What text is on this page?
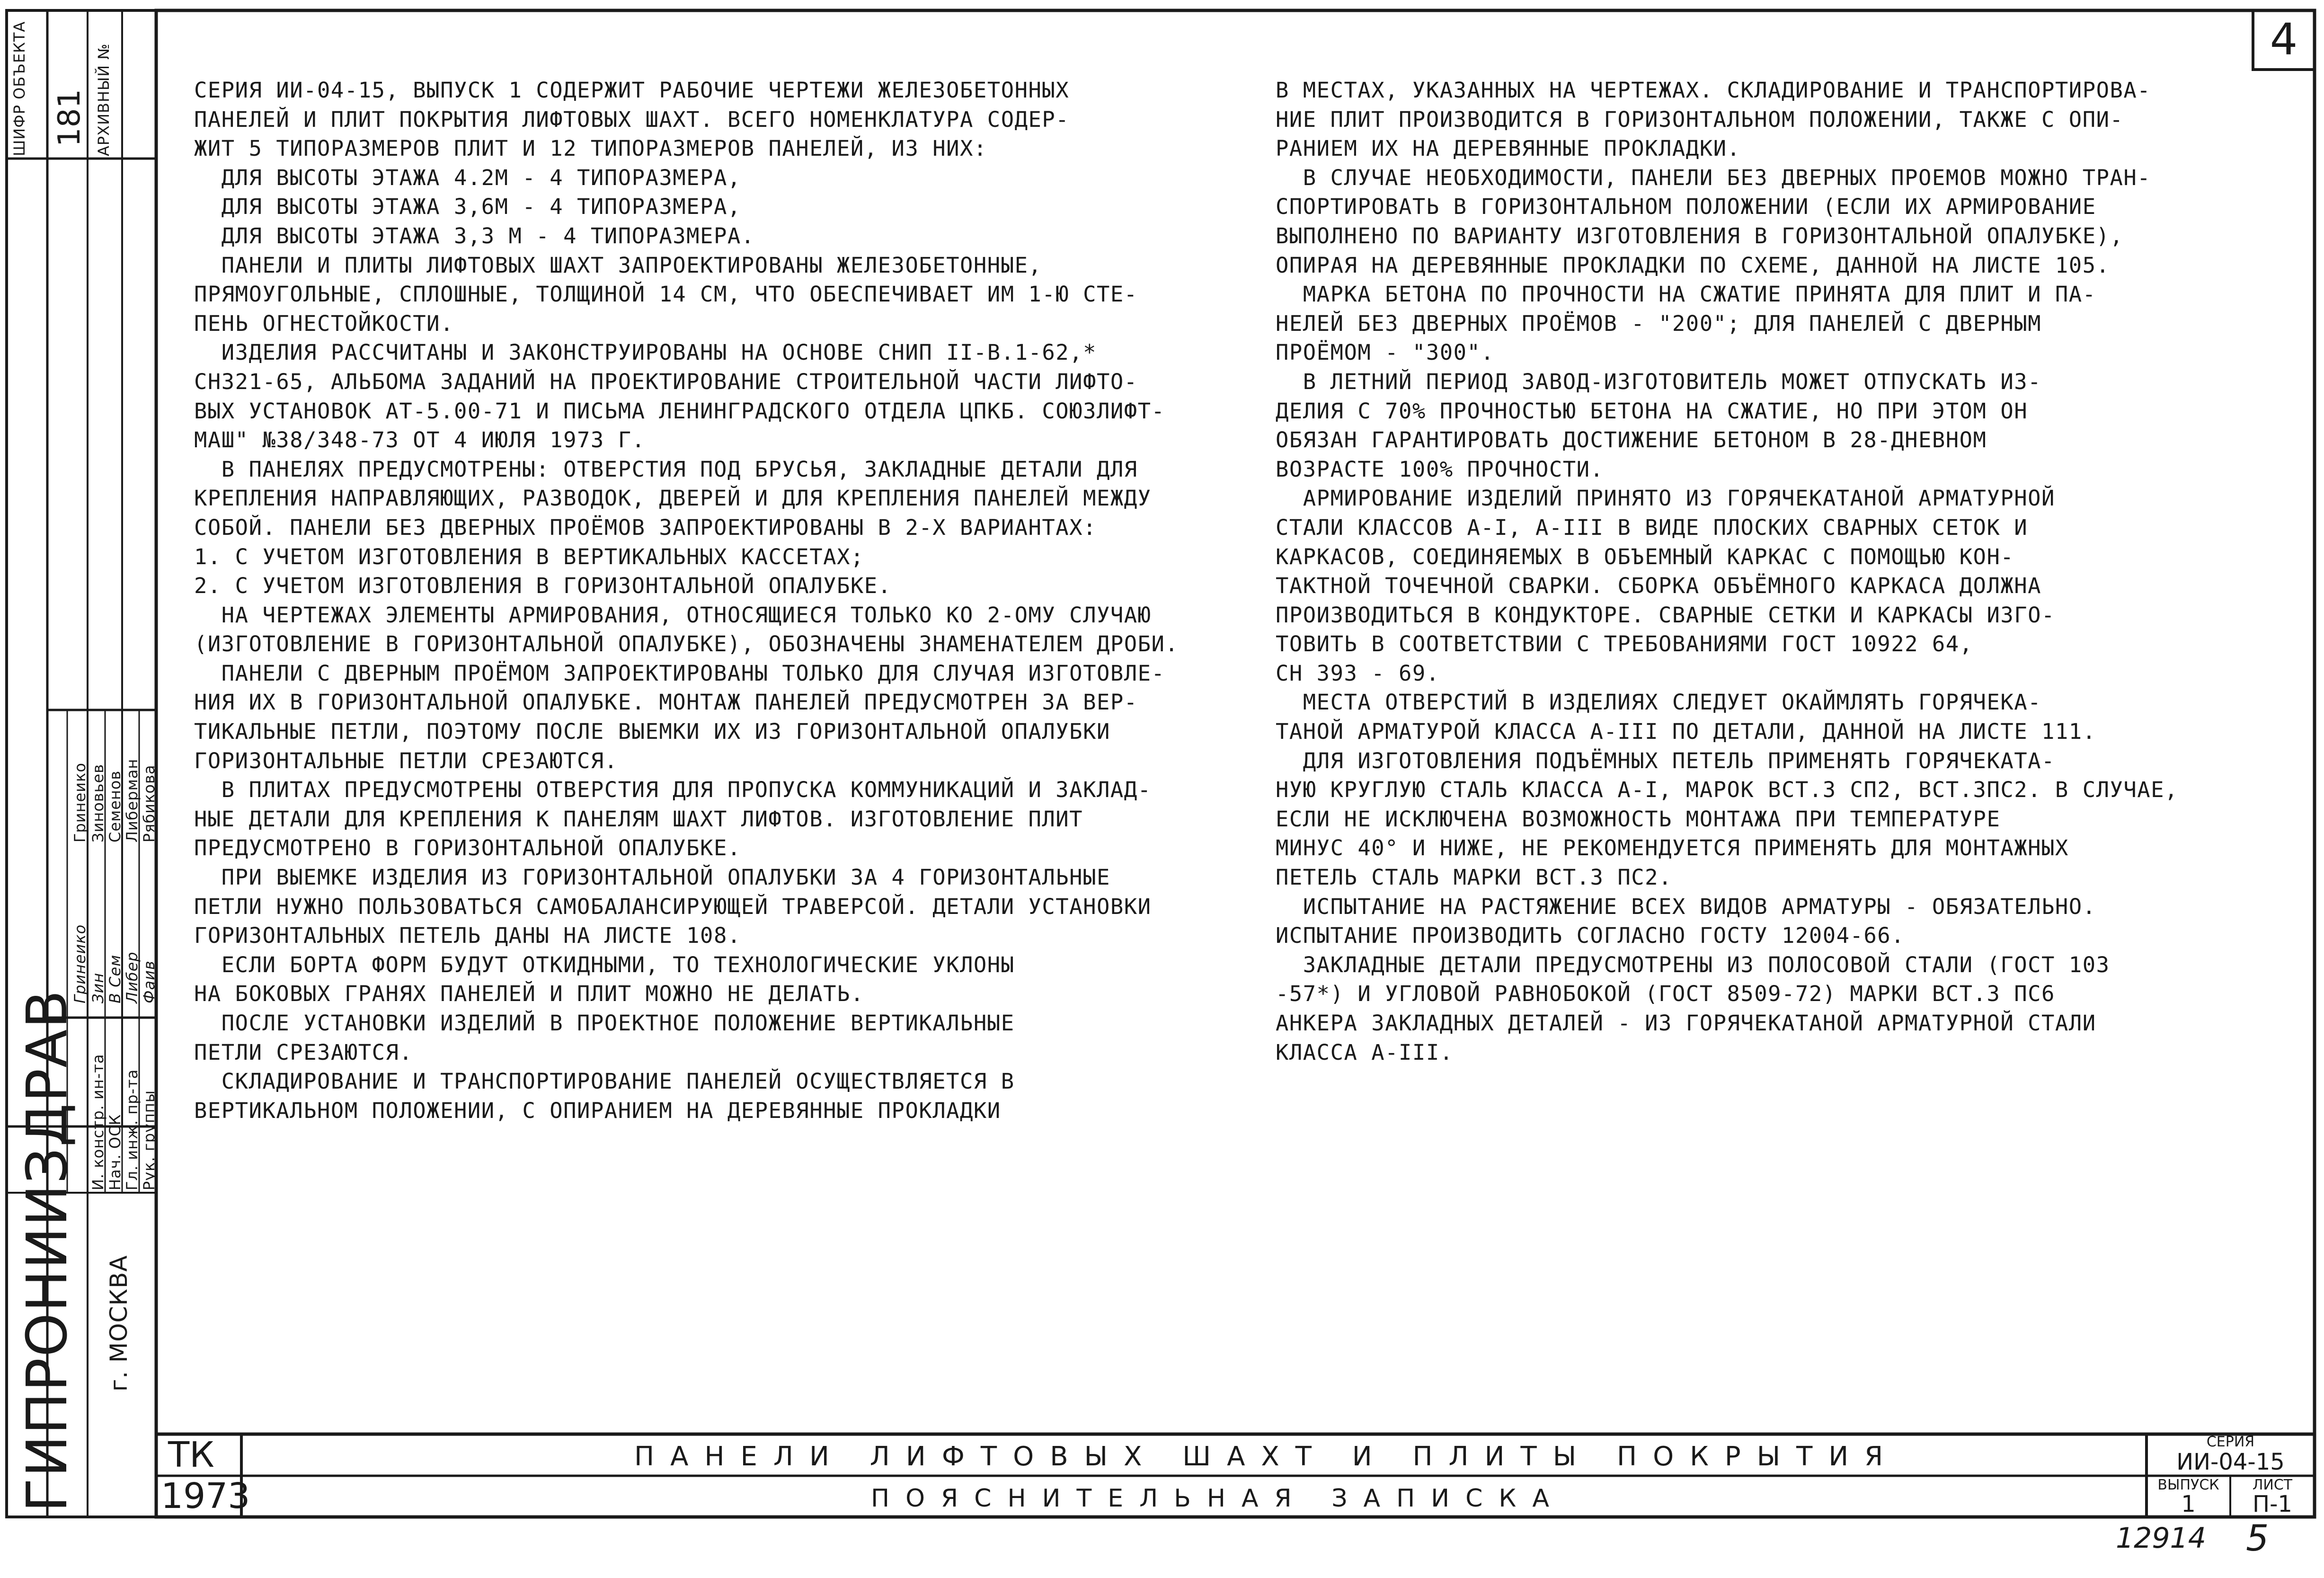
4
ШИФР ОБЪЕКТА 181 АРХИВНЫЙ №
Рук. группы
Гл. инж. пр-та
Нач. ОСК
И. констр. ин-та
Рябикова
Либерман
Семенов
Зиновьев
Гринеико
Фаив
Либер
В Сем
Зин
Гринеико
ГИПРОНИИЗДРАВ г. МОСКВА
СЕРИЯ ИИ-04-15, ВЫПУСК 1 СОДЕРЖИТ РАБОЧИЕ ЧЕРТЕЖИ ЖЕЛЕЗОБЕТОННЫХ
ПАНЕЛЕЙ И ПЛИТ ПОКРЫТИЯ ЛИФТОВЫХ ШАХТ. ВСЕГО НОМЕНКЛАТУРА СОДЕР-
ЖИТ 5 ТИПОРАЗМЕРОВ ПЛИТ И 12 ТИПОРАЗМЕРОВ ПАНЕЛЕЙ, ИЗ НИХ:
ДЛЯ ВЫСОТЫ ЭТАЖА 4.2М - 4 ТИПОРАЗМЕРА,
ДЛЯ ВЫСОТЫ ЭТАЖА 3,6М - 4 ТИПОРАЗМЕРА,
ДЛЯ ВЫСОТЫ ЭТАЖА 3,3 М - 4 ТИПОРАЗМЕРА.
ПАНЕЛИ И ПЛИТЫ ЛИФТОВЫХ ШАХТ ЗАПРОЕКТИРОВАНЫ ЖЕЛЕЗОБЕТОННЫЕ,
ПРЯМОУГОЛЬНЫЕ, СПЛОШНЫЕ, ТОЛЩИНОЙ 14 СМ, ЧТО ОБЕСПЕЧИВАЕТ ИМ 1-Ю СТЕ-
ПЕНЬ ОГНЕСТОЙКОСТИ.
ИЗДЕЛИЯ РАССЧИТАНЫ И ЗАКОНСТРУИРОВАНЫ НА ОСНОВЕ СНИП II-В.1-62,*
СН321-65, АЛЬБОМА ЗАДАНИЙ НА ПРОЕКТИРОВАНИЕ СТРОИТЕЛЬНОЙ ЧАСТИ ЛИФТО-
ВЫХ УСТАНОВОК АТ-5.00-71 И ПИСЬМА ЛЕНИНГРАДСКОГО ОТДЕЛА ЦПКБ. СОЮЗЛИФТ-
МАШ" №38/348-73 ОТ 4 ИЮЛЯ 1973 Г.
В ПАНЕЛЯХ ПРЕДУСМОТРЕНЫ: ОТВЕРСТИЯ ПОД БРУСЬЯ, ЗАКЛАДНЫЕ ДЕТАЛИ ДЛЯ
КРЕПЛЕНИЯ НАПРАВЛЯЮЩИХ, РАЗВОДОК, ДВЕРЕЙ И ДЛЯ КРЕПЛЕНИЯ ПАНЕЛЕЙ МЕЖДУ
СОБОЙ. ПАНЕЛИ БЕЗ ДВЕРНЫХ ПРОЁМОВ ЗАПРОЕКТИРОВАНЫ В 2-Х ВАРИАНТАХ:
1. С УЧЕТОМ ИЗГОТОВЛЕНИЯ В ВЕРТИКАЛЬНЫХ КАССЕТАХ;
2. С УЧЕТОМ ИЗГОТОВЛЕНИЯ В ГОРИЗОНТАЛЬНОЙ ОПАЛУБКЕ.
НА ЧЕРТЕЖАХ ЭЛЕМЕНТЫ АРМИРОВАНИЯ, ОТНОСЯЩИЕСЯ ТОЛЬКО КО 2-ОМУ СЛУЧАЮ
(ИЗГОТОВЛЕНИЕ В ГОРИЗОНТАЛЬНОЙ ОПАЛУБКЕ), ОБОЗНАЧЕНЫ ЗНАМЕНАТЕЛЕМ ДРОБИ.
ПАНЕЛИ С ДВЕРНЫМ ПРОЁМОМ ЗАПРОЕКТИРОВАНЫ ТОЛЬКО ДЛЯ СЛУЧАЯ ИЗГОТОВЛЕ-
НИЯ ИХ В ГОРИЗОНТАЛЬНОЙ ОПАЛУБКЕ. МОНТАЖ ПАНЕЛЕЙ ПРЕДУСМОТРЕН ЗА ВЕР-
ТИКАЛЬНЫЕ ПЕТЛИ, ПОЭТОМУ ПОСЛЕ ВЫЕМКИ ИХ ИЗ ГОРИЗОНТАЛЬНОЙ ОПАЛУБКИ
ГОРИЗОНТАЛЬНЫЕ ПЕТЛИ СРЕЗАЮТСЯ.
В ПЛИТАХ ПРЕДУСМОТРЕНЫ ОТВЕРСТИЯ ДЛЯ ПРОПУСКА КОММУНИКАЦИЙ И ЗАКЛАД-
НЫЕ ДЕТАЛИ ДЛЯ КРЕПЛЕНИЯ К ПАНЕЛЯМ ШАХТ ЛИФТОВ. ИЗГОТОВЛЕНИЕ ПЛИТ
ПРЕДУСМОТРЕНО В ГОРИЗОНТАЛЬНОЙ ОПАЛУБКЕ.
ПРИ ВЫЕМКЕ ИЗДЕЛИЯ ИЗ ГОРИЗОНТАЛЬНОЙ ОПАЛУБКИ ЗА 4 ГОРИЗОНТАЛЬНЫЕ
ПЕТЛИ НУЖНО ПОЛЬЗОВАТЬСЯ САМОБАЛАНСИРУЮЩЕЙ ТРАВЕРСОЙ. ДЕТАЛИ УСТАНОВКИ
ГОРИЗОНТАЛЬНЫХ ПЕТЕЛЬ ДАНЫ НА ЛИСТЕ 108.
ЕСЛИ БОРТА ФОРМ БУДУТ ОТКИДНЫМИ, ТО ТЕХНОЛОГИЧЕСКИЕ УКЛОНЫ
НА БОКОВЫХ ГРАНЯХ ПАНЕЛЕЙ И ПЛИТ МОЖНО НЕ ДЕЛАТЬ.
ПОСЛЕ УСТАНОВКИ ИЗДЕЛИЙ В ПРОЕКТНОЕ ПОЛОЖЕНИЕ ВЕРТИКАЛЬНЫЕ
ПЕТЛИ СРЕЗАЮТСЯ.
СКЛАДИРОВАНИЕ И ТРАНСПОРТИРОВАНИЕ ПАНЕЛЕЙ ОСУЩЕСТВЛЯЕТСЯ В
ВЕРТИКАЛЬНОМ ПОЛОЖЕНИИ, С ОПИРАНИЕМ НА ДЕРЕВЯННЫЕ ПРОКЛАДКИ
В МЕСТАХ, УКАЗАННЫХ НА ЧЕРТЕЖАХ. СКЛАДИРОВАНИЕ И ТРАНСПОРТИРОВА-
НИЕ ПЛИТ ПРОИЗВОДИТСЯ В ГОРИЗОНТАЛЬНОМ ПОЛОЖЕНИИ, ТАКЖЕ С ОПИ-
РАНИЕМ ИХ НА ДЕРЕВЯННЫЕ ПРОКЛАДКИ.
В СЛУЧАЕ НЕОБХОДИМОСТИ, ПАНЕЛИ БЕЗ ДВЕРНЫХ ПРОЕМОВ МОЖНО ТРАН-
СПОРТИРОВАТЬ В ГОРИЗОНТАЛЬНОМ ПОЛОЖЕНИИ (ЕСЛИ ИХ АРМИРОВАНИЕ
ВЫПОЛНЕНО ПО ВАРИАНТУ ИЗГОТОВЛЕНИЯ В ГОРИЗОНТАЛЬНОЙ ОПАЛУБКЕ),
ОПИРАЯ НА ДЕРЕВЯННЫЕ ПРОКЛАДКИ ПО СХЕМЕ, ДАННОЙ НА ЛИСТЕ 105.
МАРКА БЕТОНА ПО ПРОЧНОСТИ НА СЖАТИЕ ПРИНЯТА ДЛЯ ПЛИТ И ПА-
НЕЛЕЙ БЕЗ ДВЕРНЫХ ПРОЁМОВ - "200"; ДЛЯ ПАНЕЛЕЙ С ДВЕРНЫМ
ПРОЁМОМ - "300".
В ЛЕТНИЙ ПЕРИОД ЗАВОД-ИЗГОТОВИТЕЛЬ МОЖЕТ ОТПУСКАТЬ ИЗ-
ДЕЛИЯ С 70% ПРОЧНОСТЬЮ БЕТОНА НА СЖАТИЕ, НО ПРИ ЭТОМ ОН
ОБЯЗАН ГАРАНТИРОВАТЬ ДОСТИЖЕНИЕ БЕТОНОМ В 28-ДНЕВНОМ
ВОЗРАСТЕ 100% ПРОЧНОСТИ.
АРМИРОВАНИЕ ИЗДЕЛИЙ ПРИНЯТО ИЗ ГОРЯЧЕКАТАНОЙ АРМАТУРНОЙ
СТАЛИ КЛАССОВ А-I, А-III В ВИДЕ ПЛОСКИХ СВАРНЫХ СЕТОК И
КАРКАСОВ, СОЕДИНЯЕМЫХ В ОБЪЕМНЫЙ КАРКАС С ПОМОЩЬЮ КОН-
ТАКТНОЙ ТОЧЕЧНОЙ СВАРКИ. СБОРКА ОБЪЁМНОГО КАРКАСА ДОЛЖНА
ПРОИЗВОДИТЬСЯ В КОНДУКТОРЕ. СВАРНЫЕ СЕТКИ И КАРКАСЫ ИЗГО-
ТОВИТЬ В СООТВЕТСТВИИ С ТРЕБОВАНИЯМИ ГОСТ 10922 64,
СН 393 - 69.
МЕСТА ОТВЕРСТИЙ В ИЗДЕЛИЯХ СЛЕДУЕТ ОКАЙМЛЯТЬ ГОРЯЧЕКА-
ТАНОЙ АРМАТУРОЙ КЛАССА А-III ПО ДЕТАЛИ, ДАННОЙ НА ЛИСТЕ 111.
ДЛЯ ИЗГОТОВЛЕНИЯ ПОДЪЁМНЫХ ПЕТЕЛЬ ПРИМЕНЯТЬ ГОРЯЧЕКАТА-
НУЮ КРУГЛУЮ СТАЛЬ КЛАССА А-I, МАРОК ВСТ.3 СП2, ВСТ.3ПС2. В СЛУЧАЕ,
ЕСЛИ НЕ ИСКЛЮЧЕНА ВОЗМОЖНОСТЬ МОНТАЖА ПРИ ТЕМПЕРАТУРЕ
МИНУС 40° И НИЖЕ, НЕ РЕКОМЕНДУЕТСЯ ПРИМЕНЯТЬ ДЛЯ МОНТАЖНЫХ
ПЕТЕЛЬ СТАЛЬ МАРКИ ВСТ.3 ПС2.
ИСПЫТАНИЕ НА РАСТЯЖЕНИЕ ВСЕХ ВИДОВ АРМАТУРЫ - ОБЯЗАТЕЛЬНО.
ИСПЫТАНИЕ ПРОИЗВОДИТЬ СОГЛАСНО ГОСТУ 12004-66.
ЗАКЛАДНЫЕ ДЕТАЛИ ПРЕДУСМОТРЕНЫ ИЗ ПОЛОСОВОЙ СТАЛИ (ГОСТ 103
-57*) И УГЛОВОЙ РАВНОБОКОЙ (ГОСТ 8509-72) МАРКИ ВСТ.3 ПС6
АНКЕРА ЗАКЛАДНЫХ ДЕТАЛЕЙ - ИЗ ГОРЯЧЕКАТАНОЙ АРМАТУРНОЙ СТАЛИ
КЛАССА А-III.
ТК
1973
ПАНЕЛИ ЛИФТОВЫХ ШАХТ И ПЛИТЫ ПОКРЫТИЯ
ПОЯСНИТЕЛЬНАЯ ЗАПИСКА
СЕРИЯ
ИИ-04-15
ВЫПУСК
1
ЛИСТ
П-1
12914 5
